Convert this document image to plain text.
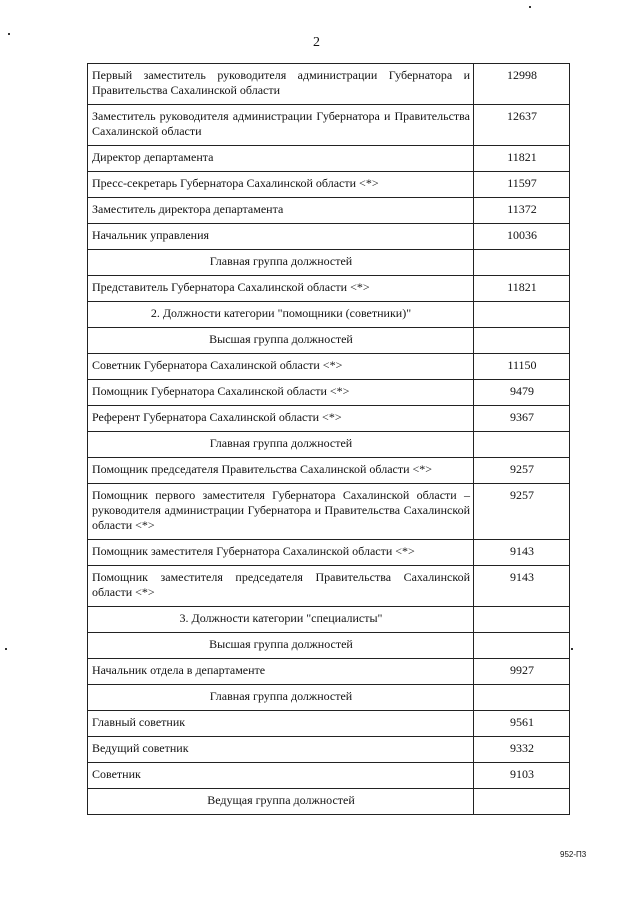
2
Первый заместитель руководителя администрации Губернатора и Правительства Сахалинской области	12998
Заместитель руководителя администрации Губернатора и Правительства Сахалинской области	12637
Директор департамента	11821
Пресс-секретарь Губернатора Сахалинской области <*>	11597
Заместитель директора департамента	11372
Начальник управления	10036
Главная группа должностей	
Представитель Губернатора Сахалинской области <*>	11821
2. Должности категории "помощники (советники)"	
Высшая группа должностей	
Советник Губернатора Сахалинской области <*>	11150
Помощник Губернатора Сахалинской области <*>	9479
Референт Губернатора Сахалинской области <*>	9367
Главная группа должностей	
Помощник председателя Правительства Сахалинской области <*>	9257
Помощник первого заместителя Губернатора Сахалинской области – руководителя администрации Губернатора и Правительства Сахалинской области <*>	9257
Помощник заместителя Губернатора Сахалинской области <*>	9143
Помощник заместителя председателя Правительства Сахалинской области <*>	9143
3. Должности категории "специалисты"	
Высшая группа должностей	
Начальник отдела в департаменте	9927
Главная группа должностей	
Главный советник	9561
Ведущий советник	9332
Советник	9103
Ведущая группа должностей	
952-П3
